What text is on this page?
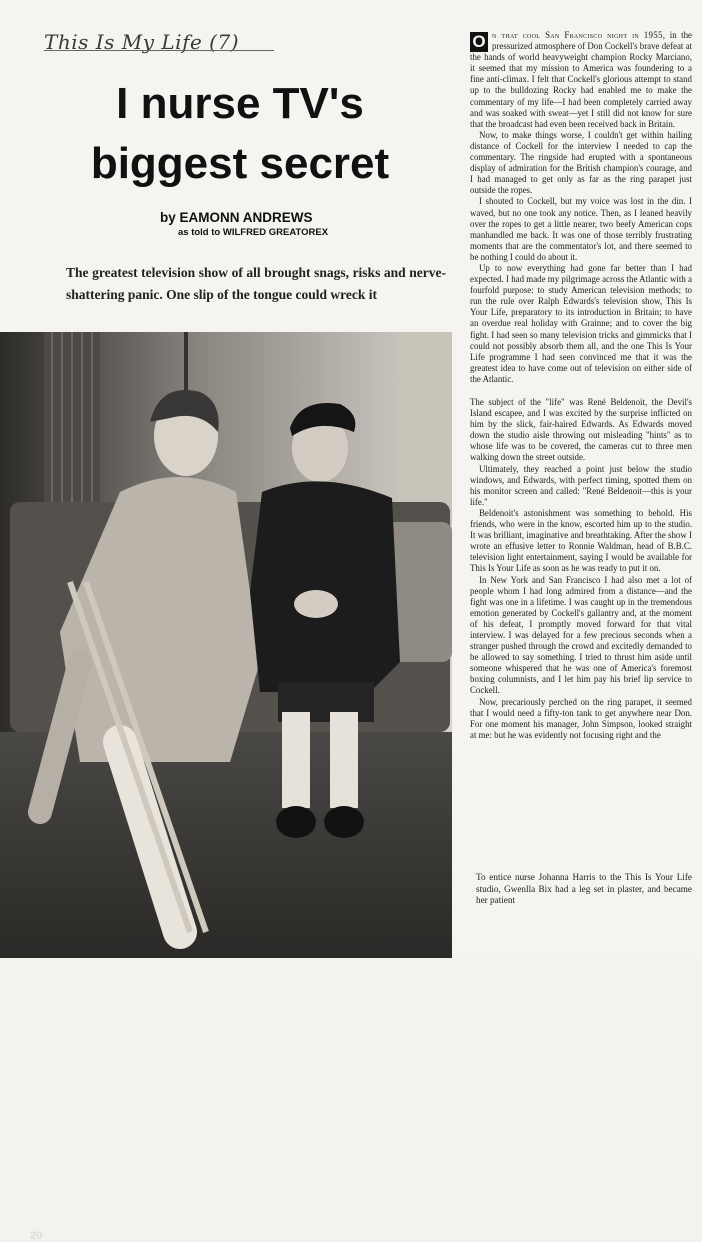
This Is My Life (7)
I nurse TV's biggest secret
by EAMONN ANDREWS
as told to WILFRED GREATOREX

The greatest television show of all brought snags, risks and nerve-shattering panic. One slip of the tongue could wreck it

20

O n that cool San Francisco night in 1955, in the pressurized atmosphere of Don Cockell's brave defeat at the hands of world heavyweight champion Rocky Marciano, it seemed that my mission to America was foundering to a fine anti-climax. I felt that Cockell's glorious attempt to stand up to the bulldozing Rocky had enabled me to make the commentary of my life—I had been completely carried away and was soaked with sweat—yet I still did not know for sure that the broadcast had even been received back in Britain.

Now, to make things worse, I couldn't get within hailing distance of Cockell for the interview I needed to cap the commentary. The ringside had erupted with a spontaneous display of admiration for the British champion's courage, and I had managed to get only as far as the ring parapet just outside the ropes.

I shouted to Cockell, but my voice was lost in the din. I waved, but no one took any notice. Then, as I leaned heavily over the ropes to get a little nearer, two beefy American cops manhandled me back. It was one of those terribly frustrating moments that are the commentator's lot, and there seemed to be nothing I could do about it.

Up to now everything had gone far better than I had expected. I had made my pilgrimage across the Atlantic with a fourfold purpose: to study American television methods; to run the rule over Ralph Edwards's television show, This Is Your Life, preparatory to its introduction in Britain; to have an overdue real holiday with Grainne; and to cover the big fight. I had seen so many television tricks and gimmicks that I could not possibly absorb them all, and the one This Is Your Life programme I had seen convinced me that it was the greatest idea to have come out of television on either side of the Atlantic.

The subject of the "life" was René Beldenoit, the Devil's Island escapee, and I was excited by the surprise inflicted on him by the slick, fair-haired Edwards. As Edwards moved down the studio aisle throwing out misleading "hints" as to whose life was to be covered, the cameras cut to three men walking down the street outside.

Ultimately, they reached a point just below the studio windows, and Edwards, with perfect timing, spotted them on his monitor screen and called: "René Beldenoit—this is your life."

Beldenoit's astonishment was something to behold. His friends, who were in the know, escorted him up to the studio. It was brilliant, imaginative and breathtaking. After the show I wrote an effusive letter to Ronnie Waldman, head of B.B.C. television light entertainment, saying I would be available for This Is Your Life as soon as he was ready to put it on.

In New York and San Francisco I had also met a lot of people whom I had long admired from a distance—and the fight was one in a lifetime. I was caught up in the tremendous emotion generated by Cockell's gallantry and, at the moment of his defeat, I promptly moved forward for that vital interview. I was delayed for a few precious seconds when a stranger pushed through the crowd and excitedly demanded to be allowed to say something. I tried to thrust him aside until someone whispered that he was one of America's foremost boxing columnists, and I let him pay his brief lip service to Cockell.

Now, precariously perched on the ring parapet, it seemed that I would need a fifty-ton tank to get anywhere near Don. For one moment his manager, John Simpson, looked straight at me: but he was evidently not focusing right and the

To entice nurse Johanna Harris to the This Is Your Life studio, Gwenlla Bix had a leg set in plaster, and became her patient
